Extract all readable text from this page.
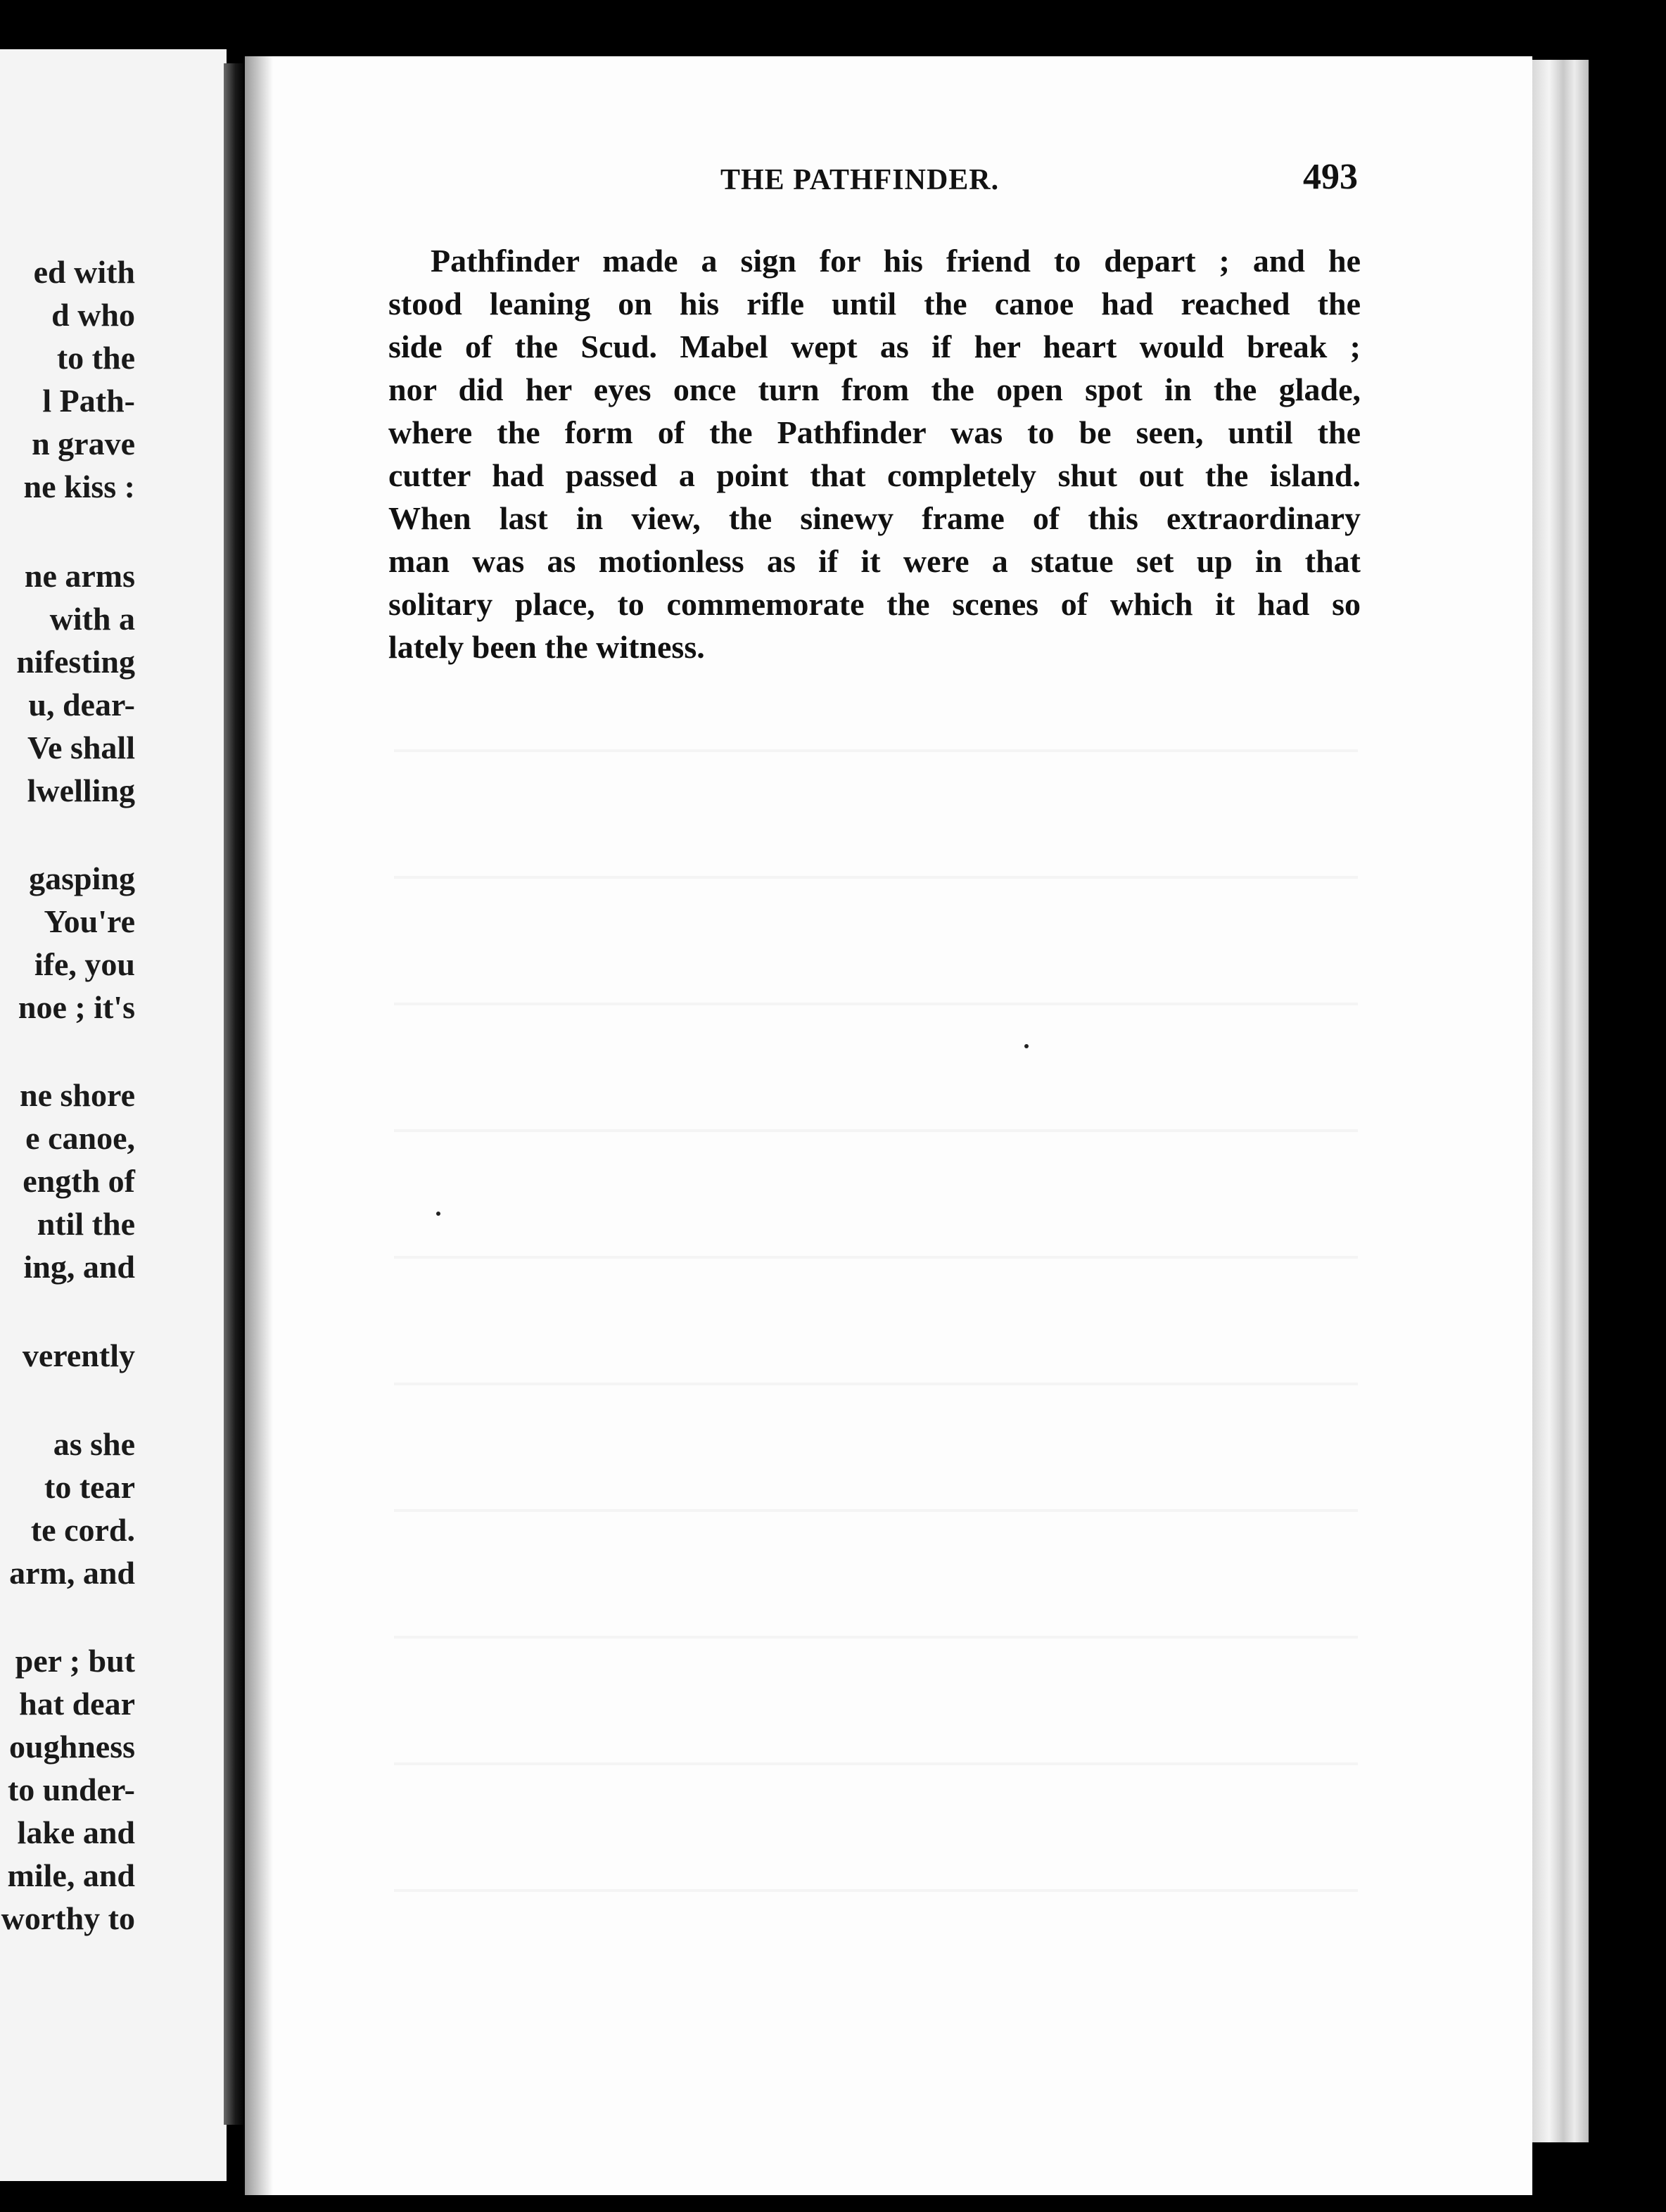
ed with
d who
to the
l Path-
n grave
ne kiss :
ne arms
with a
nifesting
u, dear-
Ve shall
lwelling
gasping
You're
ife, you
noe ; it's
ne shore
e canoe,
ength of
ntil the
ing, and
verently
as she
to tear
te cord.
arm, and
per ; but
hat dear
oughness
to under-
lake and
mile, and
worthy to
THE PATHFINDER.	493
Pathfinder made a sign for his friend to depart ; and he
stood leaning on his rifle until the canoe had reached the
side of the Scud. Mabel wept as if her heart would break ;
nor did her eyes once turn from the open spot in the glade,
where the form of the Pathfinder was to be seen, until the
cutter had passed a point that completely shut out the island.
When last in view, the sinewy frame of this extraordinary
man was as motionless as if it were a statue set up in that
solitary place, to commemorate the scenes of which it had so
lately been the witness.
